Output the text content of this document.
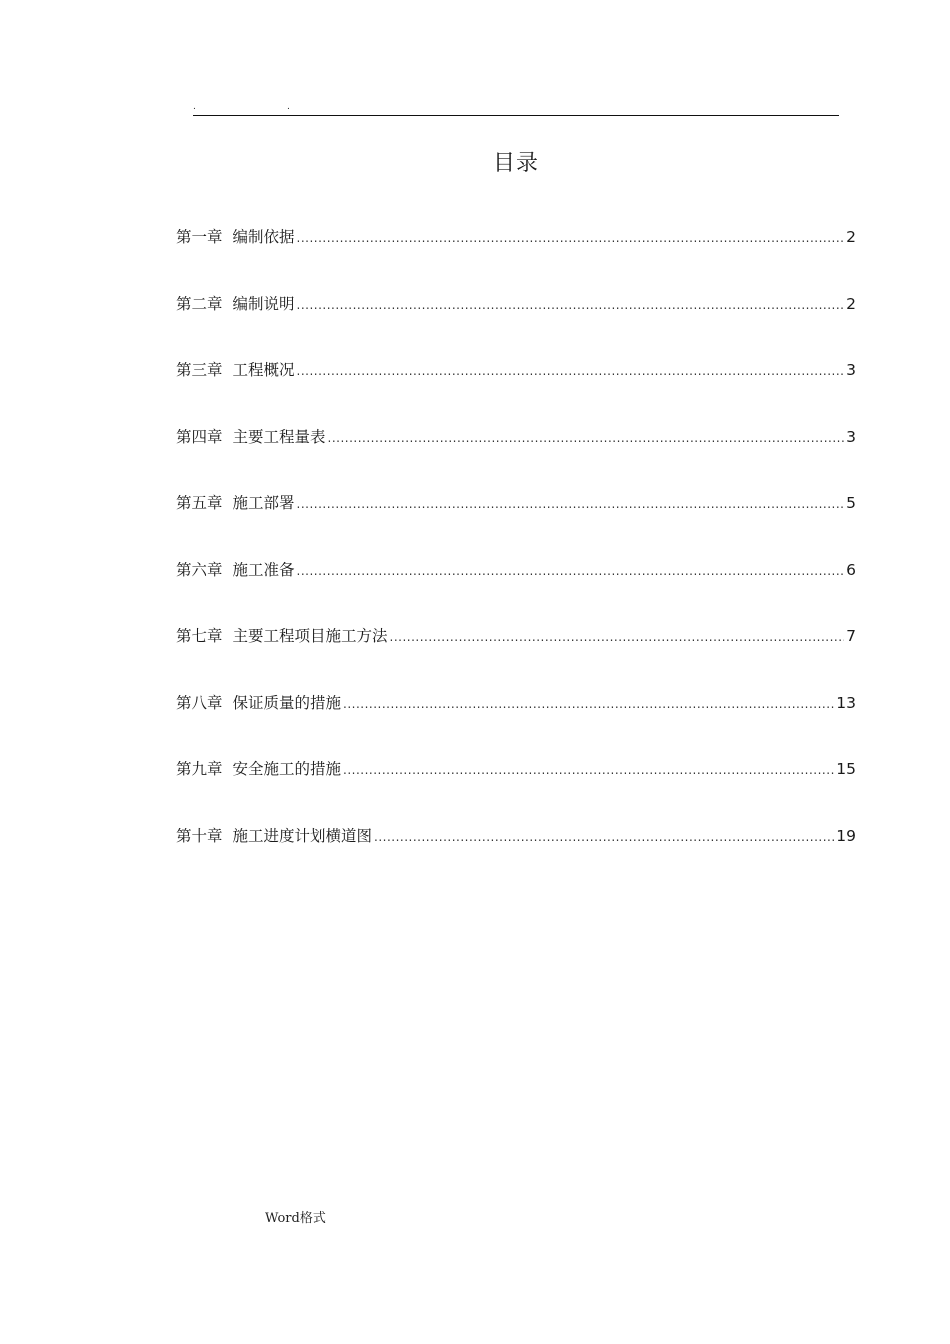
.	.
目录
第一章 编制依据 .....	2
第二章 编制说明 .....	2
第三章 工程概况 .....	3
第四章 主要工程量表 .....	3
第五章 施工部署 .....	5
第六章 施工准备 .....	6
第七章 主要工程项目施工方法 .....	7
第八章 保证质量的措施 .....	13
第九章 安全施工的措施 .....	15
第十章 施工进度计划横道图 .....	19
Word格式
